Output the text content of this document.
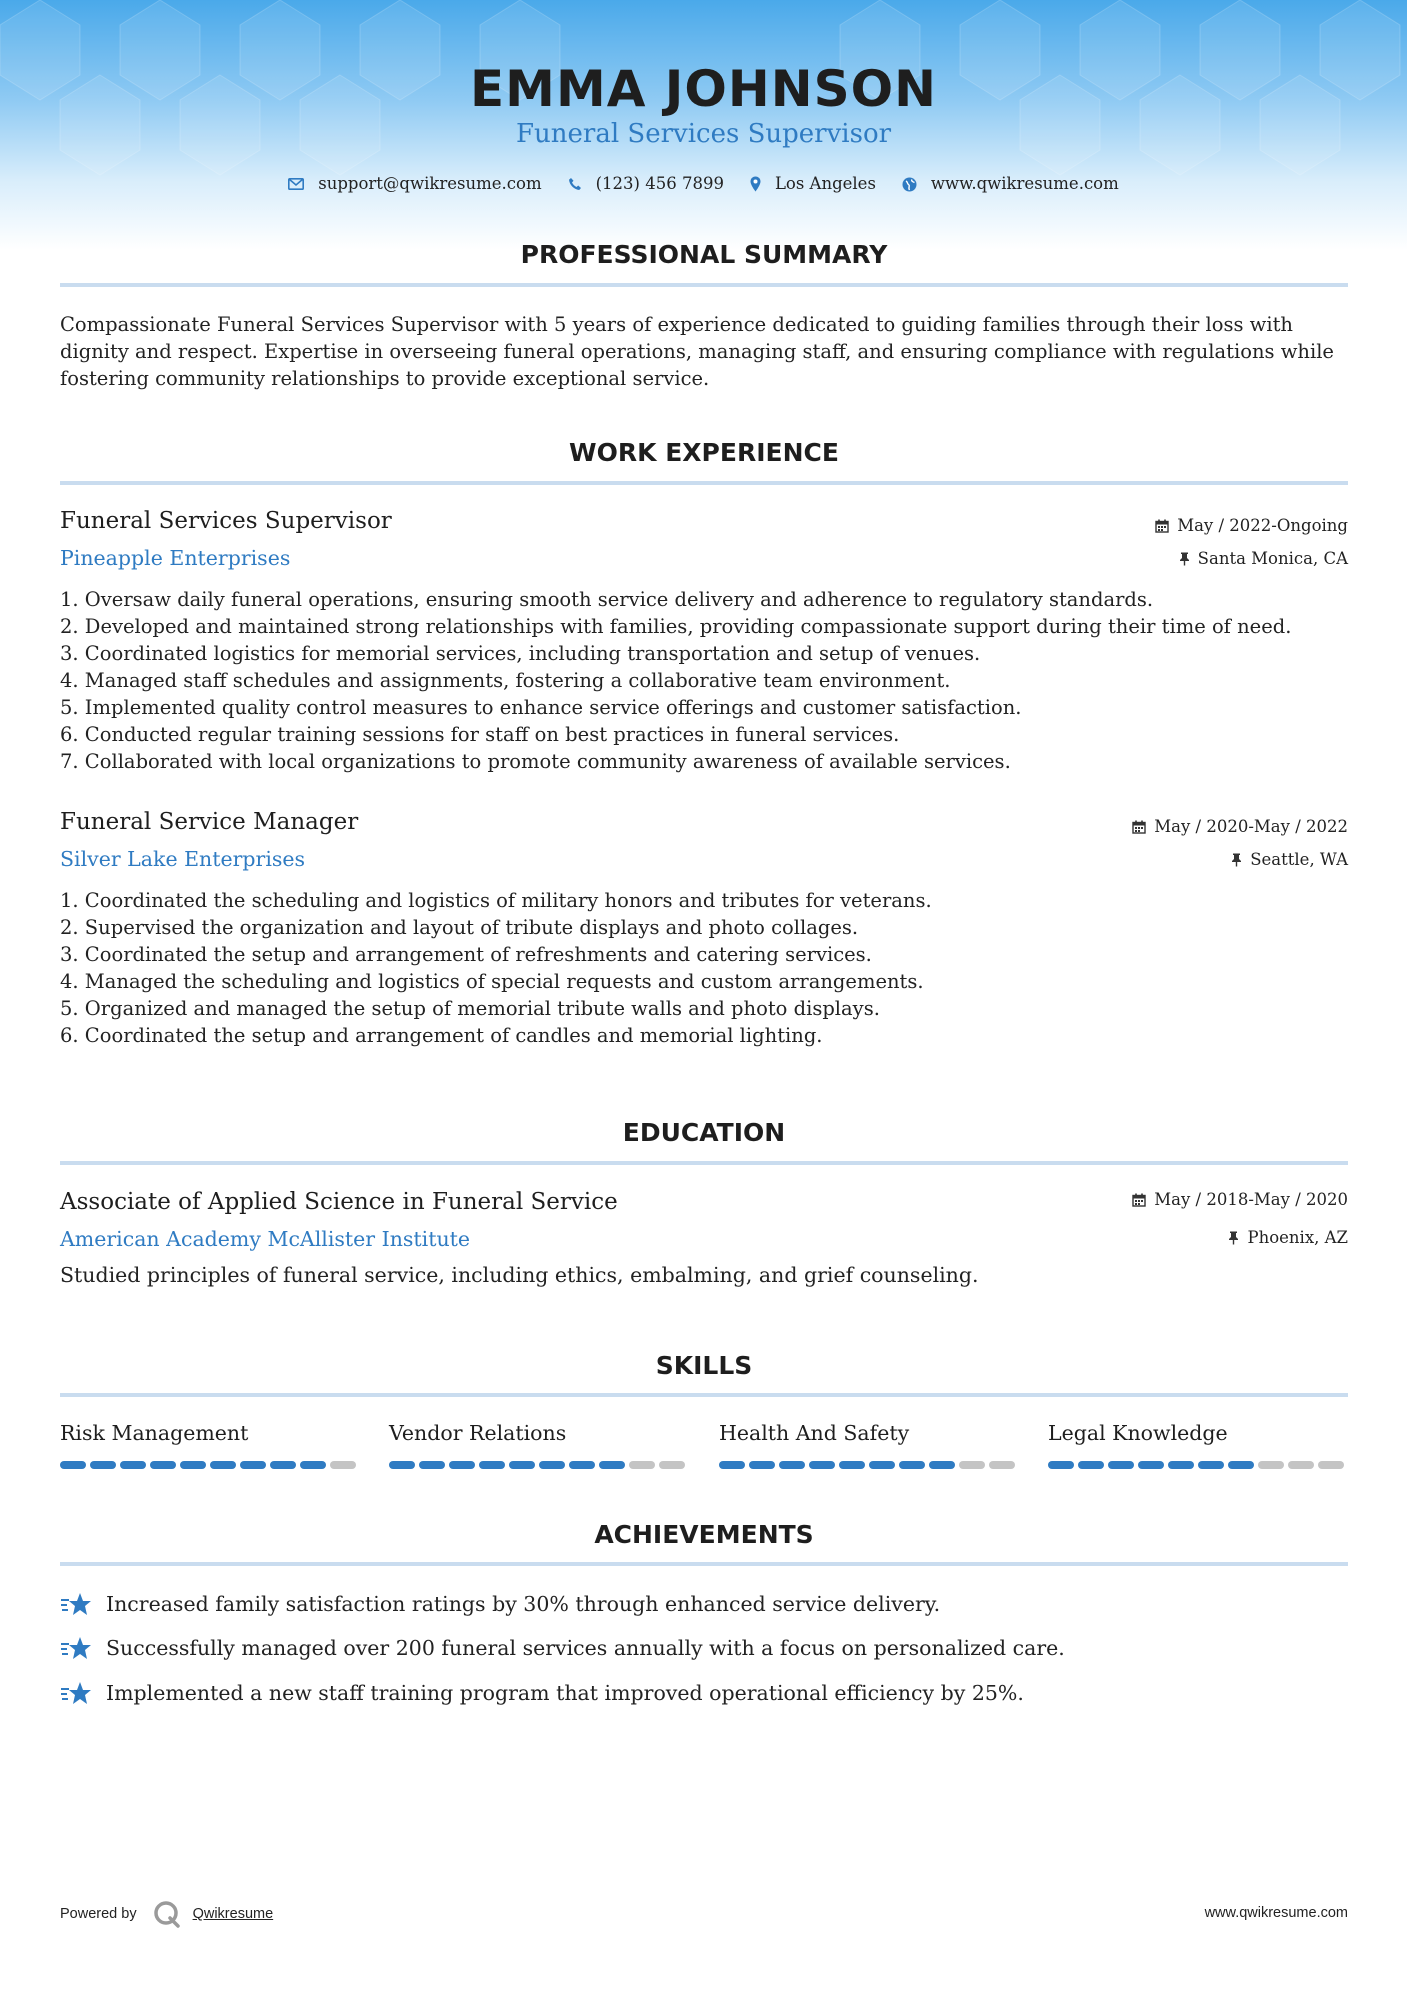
EMMA JOHNSON
Funeral Services Supervisor
support@qwikresume.com	(123) 456 7899	Los Angeles	www.qwikresume.com
PROFESSIONAL SUMMARY
Compassionate Funeral Services Supervisor with 5 years of experience dedicated to guiding families through their loss with dignity and respect. Expertise in overseeing funeral operations, managing staff, and ensuring compliance with regulations while fostering community relationships to provide exceptional service.
WORK EXPERIENCE
Funeral Services Supervisor	May / 2022-Ongoing
Pineapple Enterprises	Santa Monica, CA
1. Oversaw daily funeral operations, ensuring smooth service delivery and adherence to regulatory standards.
2. Developed and maintained strong relationships with families, providing compassionate support during their time of need.
3. Coordinated logistics for memorial services, including transportation and setup of venues.
4. Managed staff schedules and assignments, fostering a collaborative team environment.
5. Implemented quality control measures to enhance service offerings and customer satisfaction.
6. Conducted regular training sessions for staff on best practices in funeral services.
7. Collaborated with local organizations to promote community awareness of available services.
Funeral Service Manager	May / 2020-May / 2022
Silver Lake Enterprises	Seattle, WA
1. Coordinated the scheduling and logistics of military honors and tributes for veterans.
2. Supervised the organization and layout of tribute displays and photo collages.
3. Coordinated the setup and arrangement of refreshments and catering services.
4. Managed the scheduling and logistics of special requests and custom arrangements.
5. Organized and managed the setup of memorial tribute walls and photo displays.
6. Coordinated the setup and arrangement of candles and memorial lighting.
EDUCATION
Associate of Applied Science in Funeral Service	May / 2018-May / 2020
American Academy McAllister Institute	Phoenix, AZ
Studied principles of funeral service, including ethics, embalming, and grief counseling.
SKILLS
Risk Management	Vendor Relations	Health And Safety	Legal Knowledge
ACHIEVEMENTS
Increased family satisfaction ratings by 30% through enhanced service delivery.
Successfully managed over 200 funeral services annually with a focus on personalized care.
Implemented a new staff training program that improved operational efficiency by 25%.
Powered by	Qwikresume	www.qwikresume.com
